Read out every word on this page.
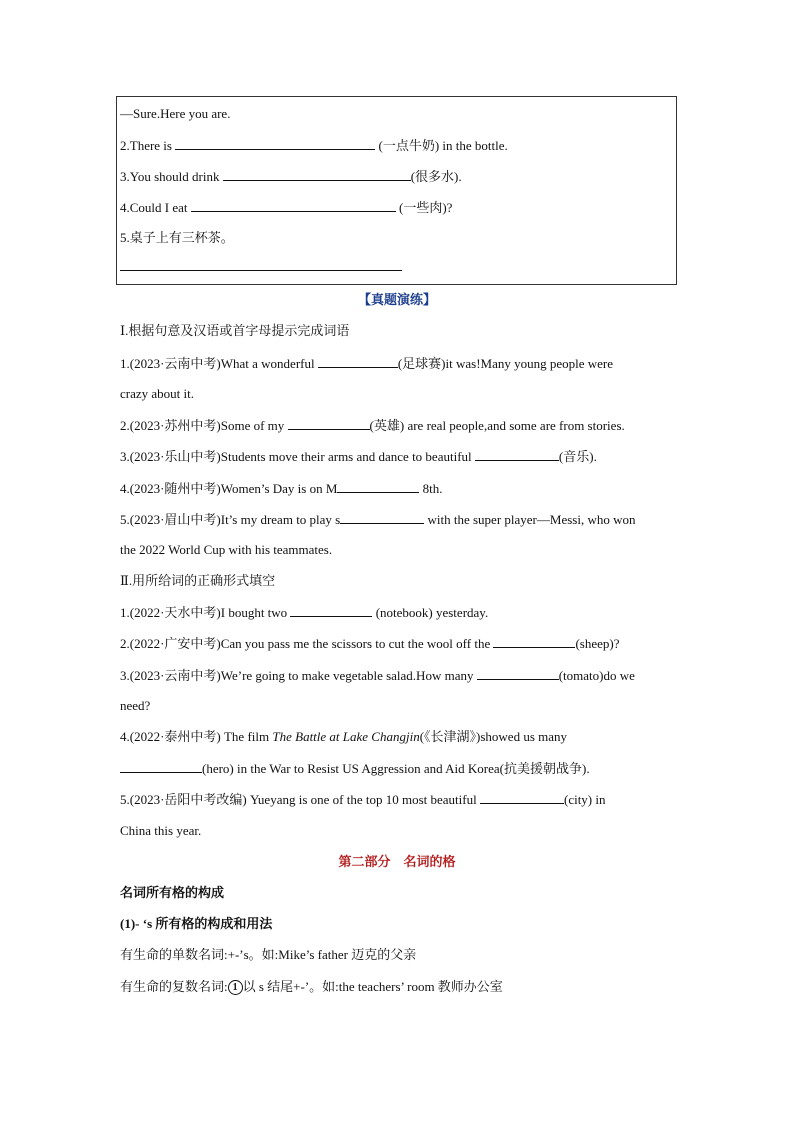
—Sure.Here you are.
2.There is	(一点牛奶) in the bottle.
3.You should drink	(很多水).
4.Could I eat	(一些肉)?
5.桌子上有三杯茶。
【真题演练】
Ⅰ.根据句意及汉语或首字母提示完成词语
1.(2023·云南中考)What a wonderful	(足球赛)it was!Many young people were
crazy about it.
2.(2023·苏州中考)Some of my	(英雄) are real people,and some are from stories.
3.(2023·乐山中考)Students move their arms and dance to beautiful	(音乐).
4.(2023·随州中考)Women’s Day is on M	8th.
5.(2023·眉山中考)It’s my dream to play s	with the super player—Messi, who won
the 2022 World Cup with his teammates.
Ⅱ.用所给词的正确形式填空
1.(2022·天水中考)I bought two	(notebook) yesterday.
2.(2022·广安中考)Can you pass me the scissors to cut the wool off the	(sheep)?
3.(2023·云南中考)We’re going to make vegetable salad.How many	(tomato)do we
need?
4.(2022·泰州中考) The film The Battle at Lake Changjin(《长津湖》)showed us many
(hero) in the War to Resist US Aggression and Aid Korea(抗美援朝战争).
5.(2023·岳阳中考改编) Yueyang is one of the top 10 most beautiful	(city) in
China this year.
第二部分　名词的格
名词所有格的构成
(1)- ‘s 所有格的构成和用法
有生命的单数名词:+-’s。如:Mike’s father 迈克的父亲
有生命的复数名词: 1 以 s 结尾+-’。如:the teachers’ room 教师办公室
